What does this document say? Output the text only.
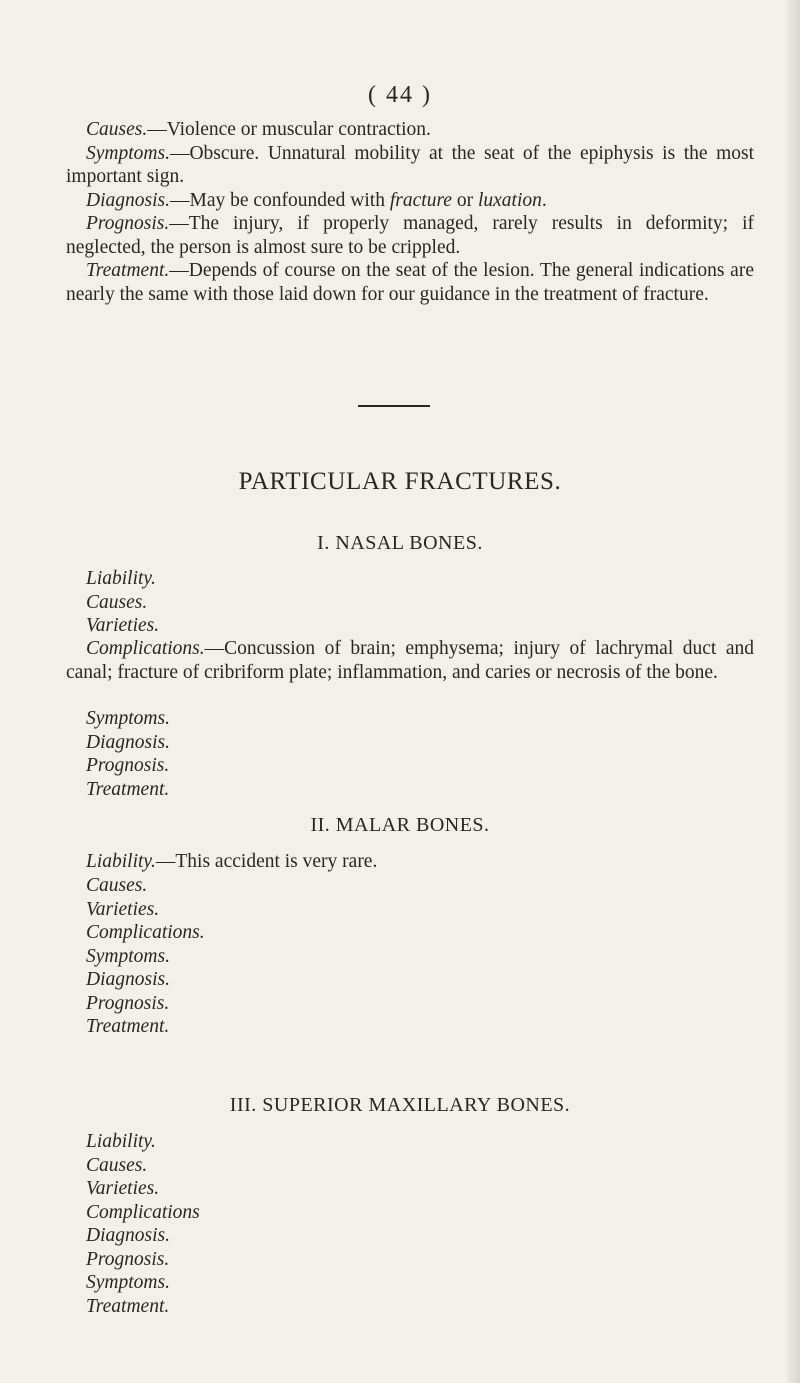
( 44 )

Causes.—Violence or muscular contraction.

Symptoms.—Obscure. Unnatural mobility at the seat of the epiphysis is the most important sign.

Diagnosis.—May be confounded with fracture or luxation.

Prognosis.—The injury, if properly managed, rarely results in deformity; if neglected, the person is almost sure to be crippled.

Treatment.—Depends of course on the seat of the lesion. The general indications are nearly the same with those laid down for our guidance in the treatment of fracture.

PARTICULAR FRACTURES.
I. NASAL BONES.
Liability.
Causes.
Varieties.
Complications.—Concussion of brain; emphysema; injury of lachrymal duct and canal; fracture of cribriform plate; inflammation, and caries or necrosis of the bone.
Symptoms.
Diagnosis.
Prognosis.
Treatment.
II. MALAR BONES.
Liability.—This accident is very rare.
Causes.
Varieties.
Complications.
Symptoms.
Diagnosis.
Prognosis.
Treatment.
III. SUPERIOR MAXILLARY BONES.
Liability.
Causes.
Varieties.
Complications
Diagnosis.
Prognosis.
Symptoms.
Treatment.
